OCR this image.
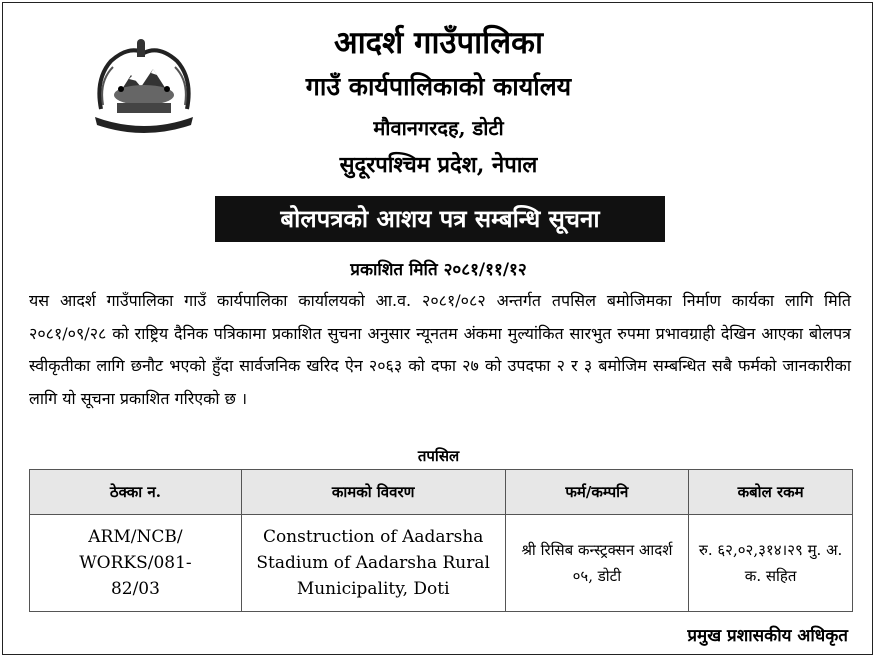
आदर्श गाउँपालिका
गाउँ कार्यपालिकाको कार्यालय
मौवानगरदह, डोटी
सुदूरपश्चिम प्रदेश, नेपाल
बोलपत्रको आशय पत्र सम्बन्धि सूचना
प्रकाशित मिति २०८१/११/१२
यस आदर्श गाउँपालिका गाउँ कार्यपालिका कार्यालयको आ.व. २०८१/०८२ अन्तर्गत तपसिल बमोजिमका निर्माण कार्यका लागि मिति २०८१/०९/२८ को राष्ट्रिय दैनिक पत्रिकामा प्रकाशित सुचना अनुसार न्यूनतम अंकमा मुल्यांकित सारभुत रुपमा प्रभावग्राही देखिन आएका बोलपत्र स्वीकृतीका लागि छनौट भएको हुँदा सार्वजनिक खरिद ऐन २०६३ को दफा २७ को उपदफा २ र ३ बमोजिम सम्बन्धित सबै फर्मको जानकारीका लागि यो सूचना प्रकाशित गरिएको छ ।
तपसिल
ठेक्का न.	कामको विवरण	फर्म/कम्पनि	कबोल रकम
ARM/NCB/ WORKS/081-82/03	Construction of Aadarsha Stadium of Aadarsha Rural Municipality, Doti	श्री रिसिब कन्स्ट्रक्सन आदर्श ०५, डोटी	रु. ६२,०२,३१४।२९ मु. अ. क. सहित
प्रमुख प्रशासकीय अधिकृत
